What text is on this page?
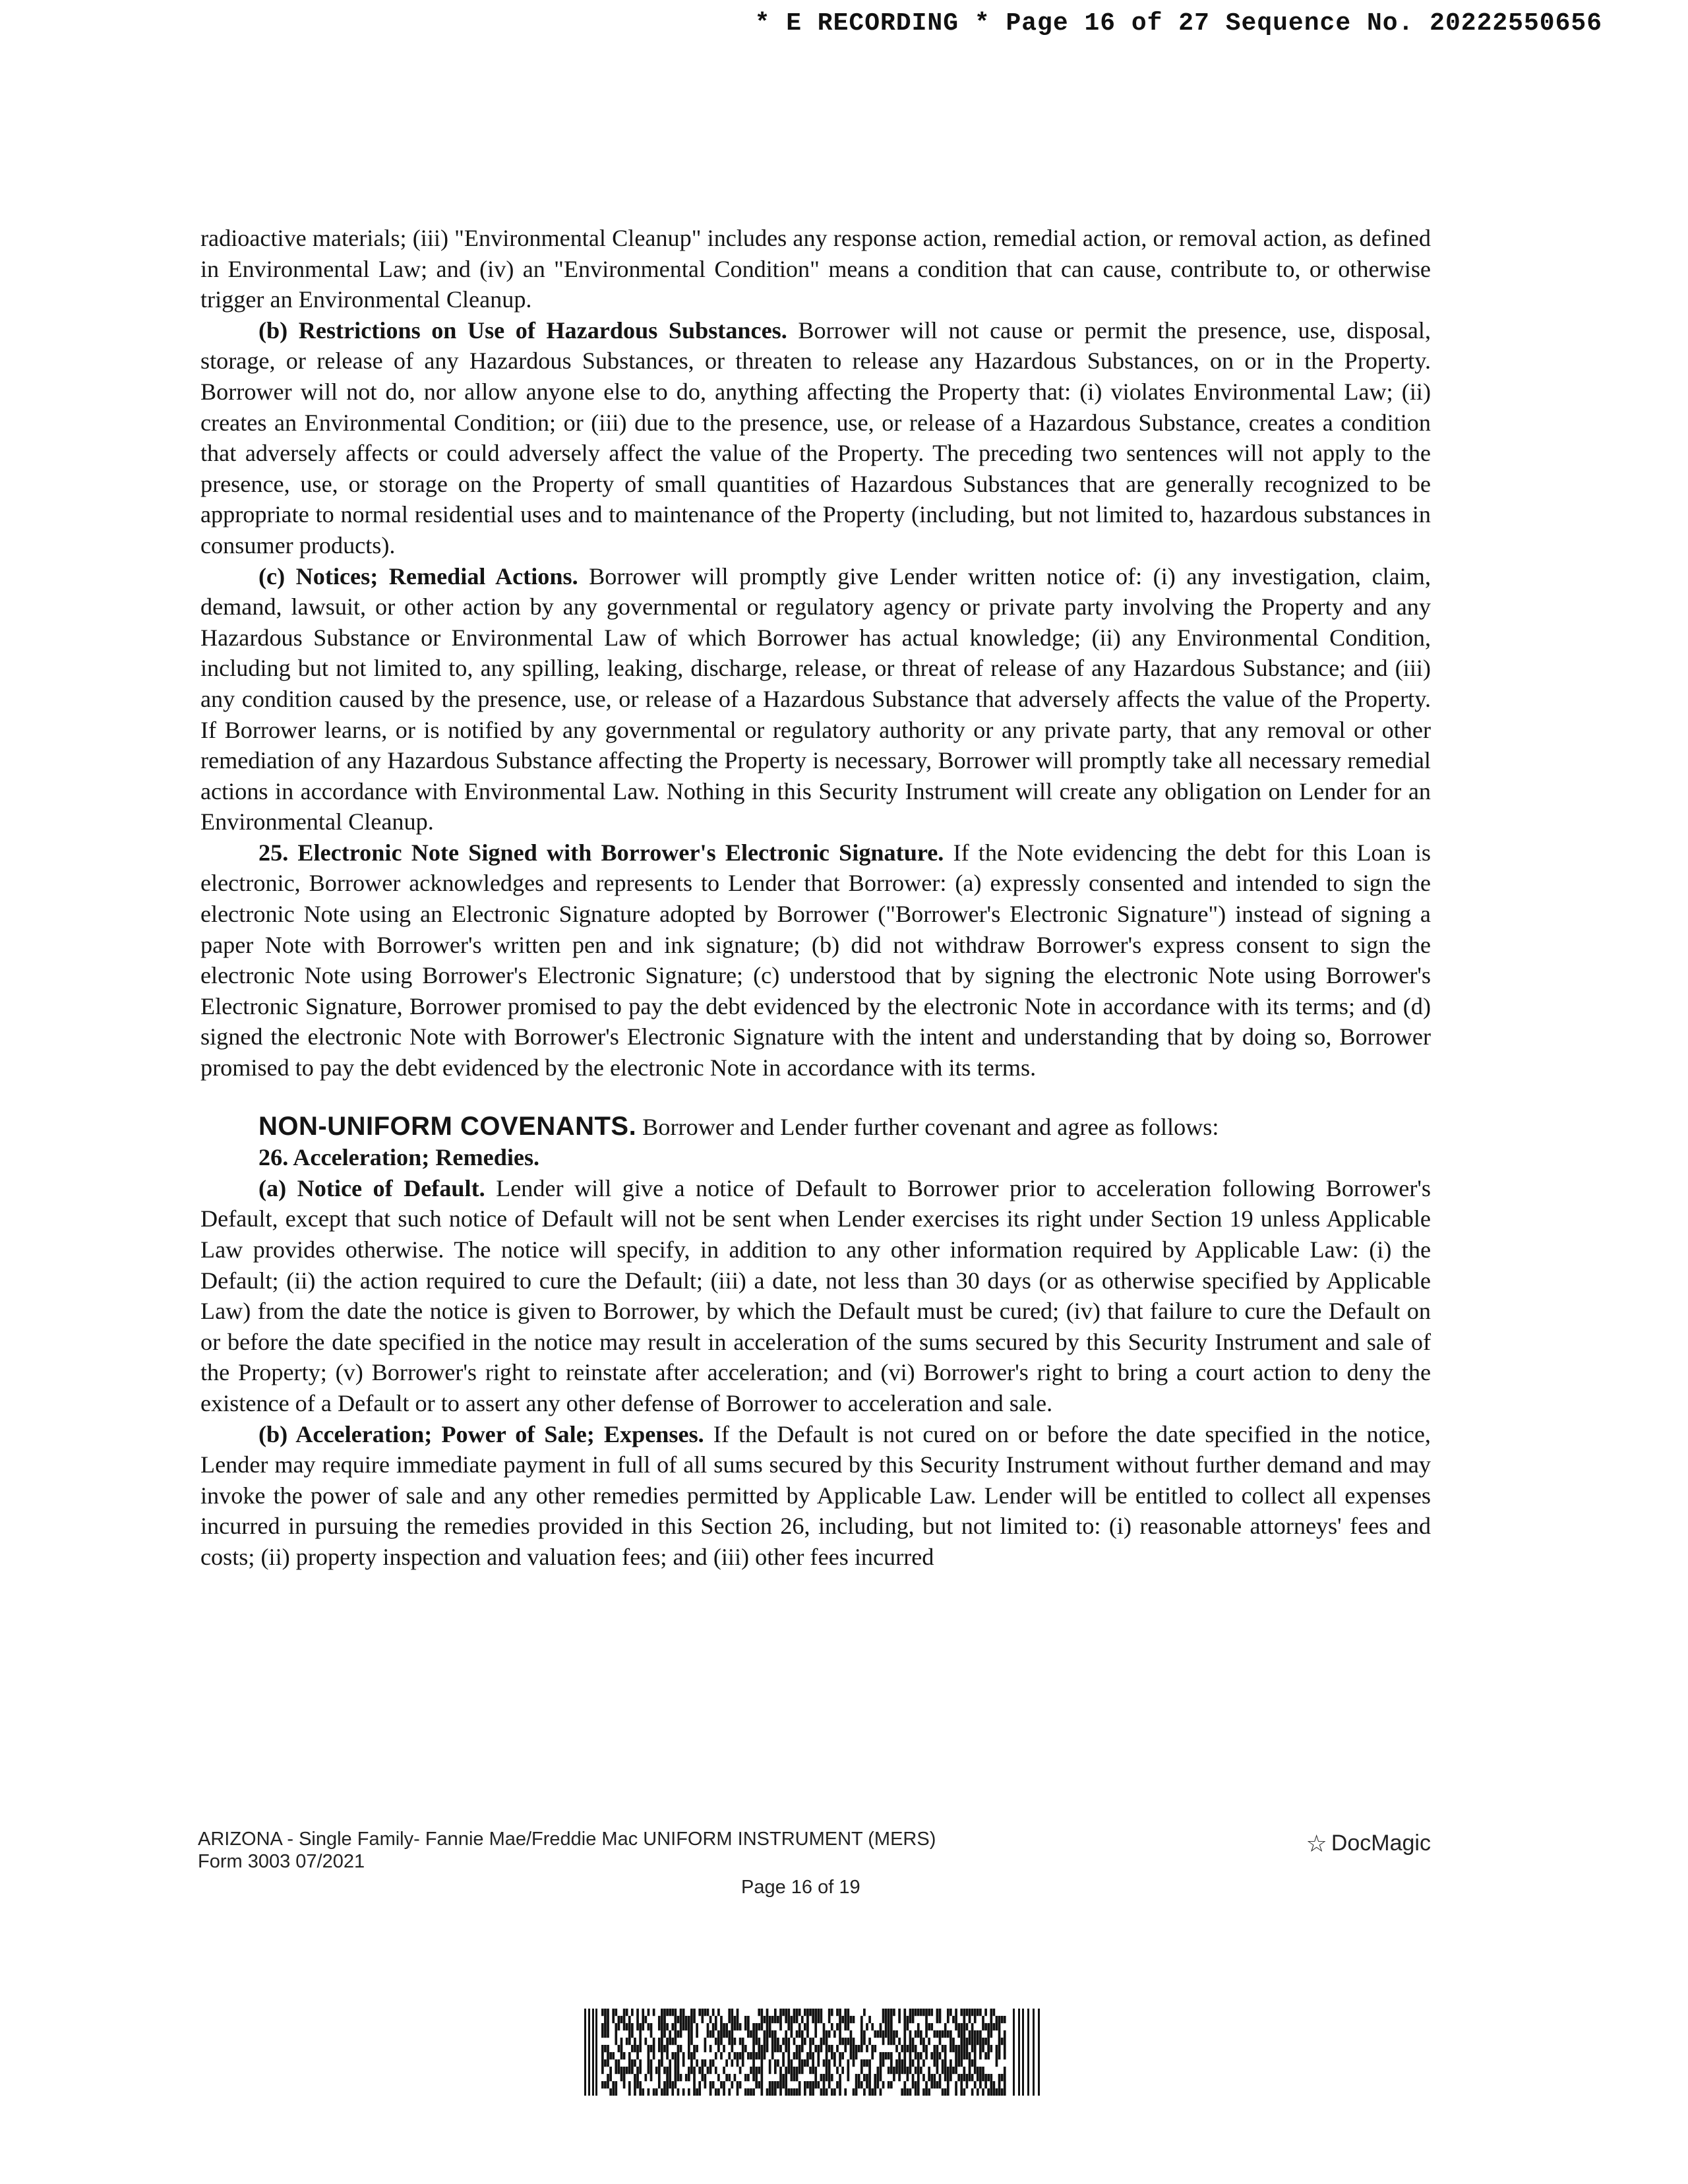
* E RECORDING * Page 16 of 27 Sequence No. 20222550656

radioactive materials; (iii) "Environmental Cleanup" includes any response action, remedial action, or removal action, as defined in Environmental Law; and (iv) an "Environmental Condition" means a condition that can cause, contribute to, or otherwise trigger an Environmental Cleanup.

(b) Restrictions on Use of Hazardous Substances. Borrower will not cause or permit the presence, use, disposal, storage, or release of any Hazardous Substances, or threaten to release any Hazardous Substances, on or in the Property. Borrower will not do, nor allow anyone else to do, anything affecting the Property that: (i) violates Environmental Law; (ii) creates an Environmental Condition; or (iii) due to the presence, use, or release of a Hazardous Substance, creates a condition that adversely affects or could adversely affect the value of the Property. The preceding two sentences will not apply to the presence, use, or storage on the Property of small quantities of Hazardous Substances that are generally recognized to be appropriate to normal residential uses and to maintenance of the Property (including, but not limited to, hazardous substances in consumer products).

(c) Notices; Remedial Actions. Borrower will promptly give Lender written notice of: (i) any investigation, claim, demand, lawsuit, or other action by any governmental or regulatory agency or private party involving the Property and any Hazardous Substance or Environmental Law of which Borrower has actual knowledge; (ii) any Environmental Condition, including but not limited to, any spilling, leaking, discharge, release, or threat of release of any Hazardous Substance; and (iii) any condition caused by the presence, use, or release of a Hazardous Substance that adversely affects the value of the Property. If Borrower learns, or is notified by any governmental or regulatory authority or any private party, that any removal or other remediation of any Hazardous Substance affecting the Property is necessary, Borrower will promptly take all necessary remedial actions in accordance with Environmental Law. Nothing in this Security Instrument will create any obligation on Lender for an Environmental Cleanup.

25. Electronic Note Signed with Borrower's Electronic Signature. If the Note evidencing the debt for this Loan is electronic, Borrower acknowledges and represents to Lender that Borrower: (a) expressly consented and intended to sign the electronic Note using an Electronic Signature adopted by Borrower ("Borrower's Electronic Signature") instead of signing a paper Note with Borrower's written pen and ink signature; (b) did not withdraw Borrower's express consent to sign the electronic Note using Borrower's Electronic Signature; (c) understood that by signing the electronic Note using Borrower's Electronic Signature, Borrower promised to pay the debt evidenced by the electronic Note in accordance with its terms; and (d) signed the electronic Note with Borrower's Electronic Signature with the intent and understanding that by doing so, Borrower promised to pay the debt evidenced by the electronic Note in accordance with its terms.

NON-UNIFORM COVENANTS. Borrower and Lender further covenant and agree as follows:

26. Acceleration; Remedies.

(a) Notice of Default. Lender will give a notice of Default to Borrower prior to acceleration following Borrower's Default, except that such notice of Default will not be sent when Lender exercises its right under Section 19 unless Applicable Law provides otherwise. The notice will specify, in addition to any other information required by Applicable Law: (i) the Default; (ii) the action required to cure the Default; (iii) a date, not less than 30 days (or as otherwise specified by Applicable Law) from the date the notice is given to Borrower, by which the Default must be cured; (iv) that failure to cure the Default on or before the date specified in the notice may result in acceleration of the sums secured by this Security Instrument and sale of the Property; (v) Borrower's right to reinstate after acceleration; and (vi) Borrower's right to bring a court action to deny the existence of a Default or to assert any other defense of Borrower to acceleration and sale.

(b) Acceleration; Power of Sale; Expenses. If the Default is not cured on or before the date specified in the notice, Lender may require immediate payment in full of all sums secured by this Security Instrument without further demand and may invoke the power of sale and any other remedies permitted by Applicable Law. Lender will be entitled to collect all expenses incurred in pursuing the remedies provided in this Section 26, including, but not limited to: (i) reasonable attorneys' fees and costs; (ii) property inspection and valuation fees; and (iii) other fees incurred

ARIZONA - Single Family- Fannie Mae/Freddie Mac UNIFORM INSTRUMENT (MERS)
Form 3003 07/2021
☆ DocMagic
Page 16 of 19
